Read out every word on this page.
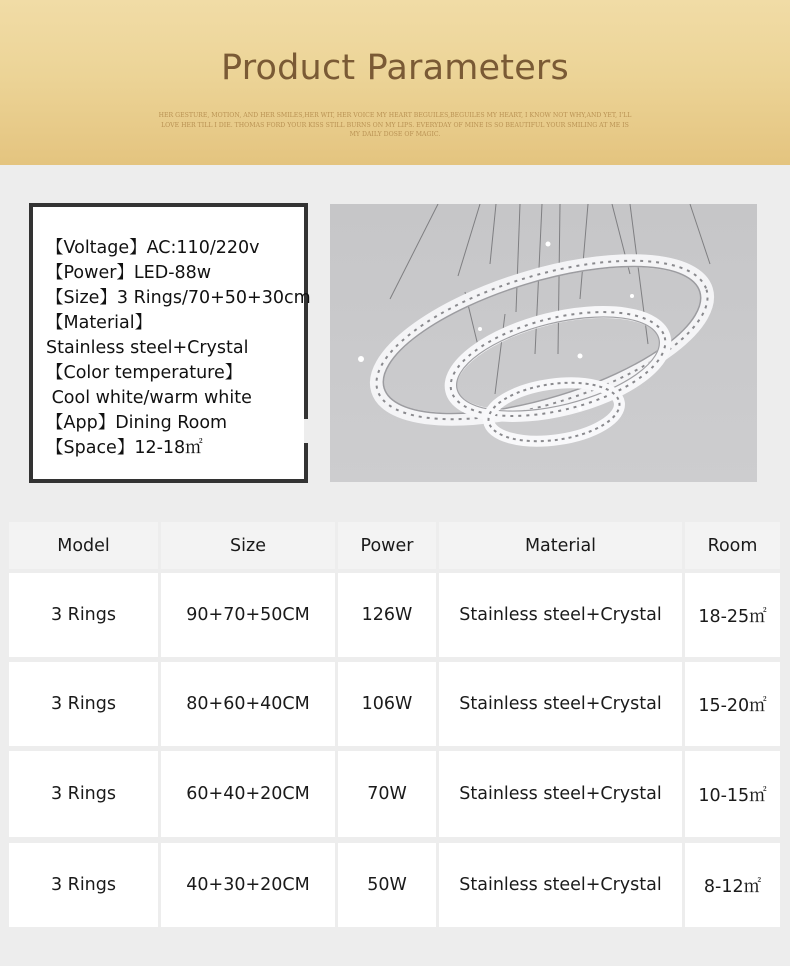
Product Parameters
HER GESTURE, MOTION, AND HER SMILES,HER WIT, HER VOICE MY HEART BEGUILES,BEGUILES MY HEART, I KNOW NOT WHY,AND YET, I'LL LOVE HER TILL I DIE. THOMAS FORD YOUR KISS STILL BURNS ON MY LIPS. EVERYDAY OF MINE IS SO BEAUTIFUL YOUR SMILING AT ME IS MY DAILY DOSE OF MAGIC.
【Voltage】AC:110/220v
【Power】LED-88w
【Size】3 Rings/70+50+30cm
【Material】
Stainless steel+Crystal
【Color temperature】
Cool white/warm white
【App】Dining Room
【Space】12-18㎡
Model	Size	Power	Material	Room
3 Rings	90+70+50CM	126W	Stainless steel+Crystal	18-25㎡
3 Rings	80+60+40CM	106W	Stainless steel+Crystal	15-20㎡
3 Rings	60+40+20CM	70W	Stainless steel+Crystal	10-15㎡
3 Rings	40+30+20CM	50W	Stainless steel+Crystal	8-12㎡
